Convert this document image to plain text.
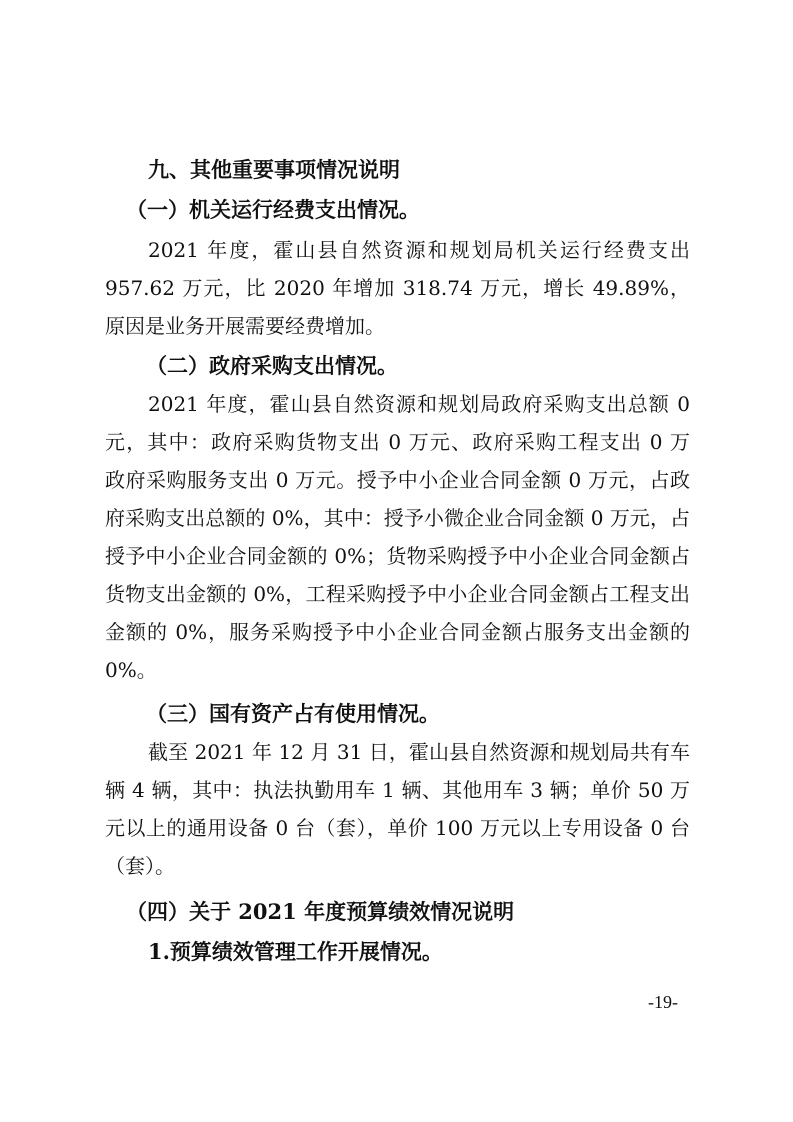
九、其他重要事项情况说明
（一）机关运行经费支出情况。
2021 年度，霍山县自然资源和规划局机关运行经费支出
957.62 万元，比 2020 年增加 318.74 万元，增长 49.89%，
原因是业务开展需要经费增加。
（二）政府采购支出情况。
2021 年度，霍山县自然资源和规划局政府采购支出总额 0
元，其中：政府采购货物支出 0 万元、政府采购工程支出 0 万
政府采购服务支出 0 万元。授予中小企业合同金额 0 万元，占政
府采购支出总额的 0%，其中：授予小微企业合同金额 0 万元，占
授予中小企业合同金额的 0%；货物采购授予中小企业合同金额占
货物支出金额的 0%，工程采购授予中小企业合同金额占工程支出
金额的 0%，服务采购授予中小企业合同金额占服务支出金额的
0%。
（三）国有资产占有使用情况。
截至 2021 年 12 月 31 日，霍山县自然资源和规划局共有车
辆 4 辆，其中：执法执勤用车 1 辆、其他用车 3 辆；单价 50 万
元以上的通用设备 0 台（套），单价 100 万元以上专用设备 0 台
（套）。
（四）关于 2021 年度预算绩效情况说明
1.预算绩效管理工作开展情况。
-19-
